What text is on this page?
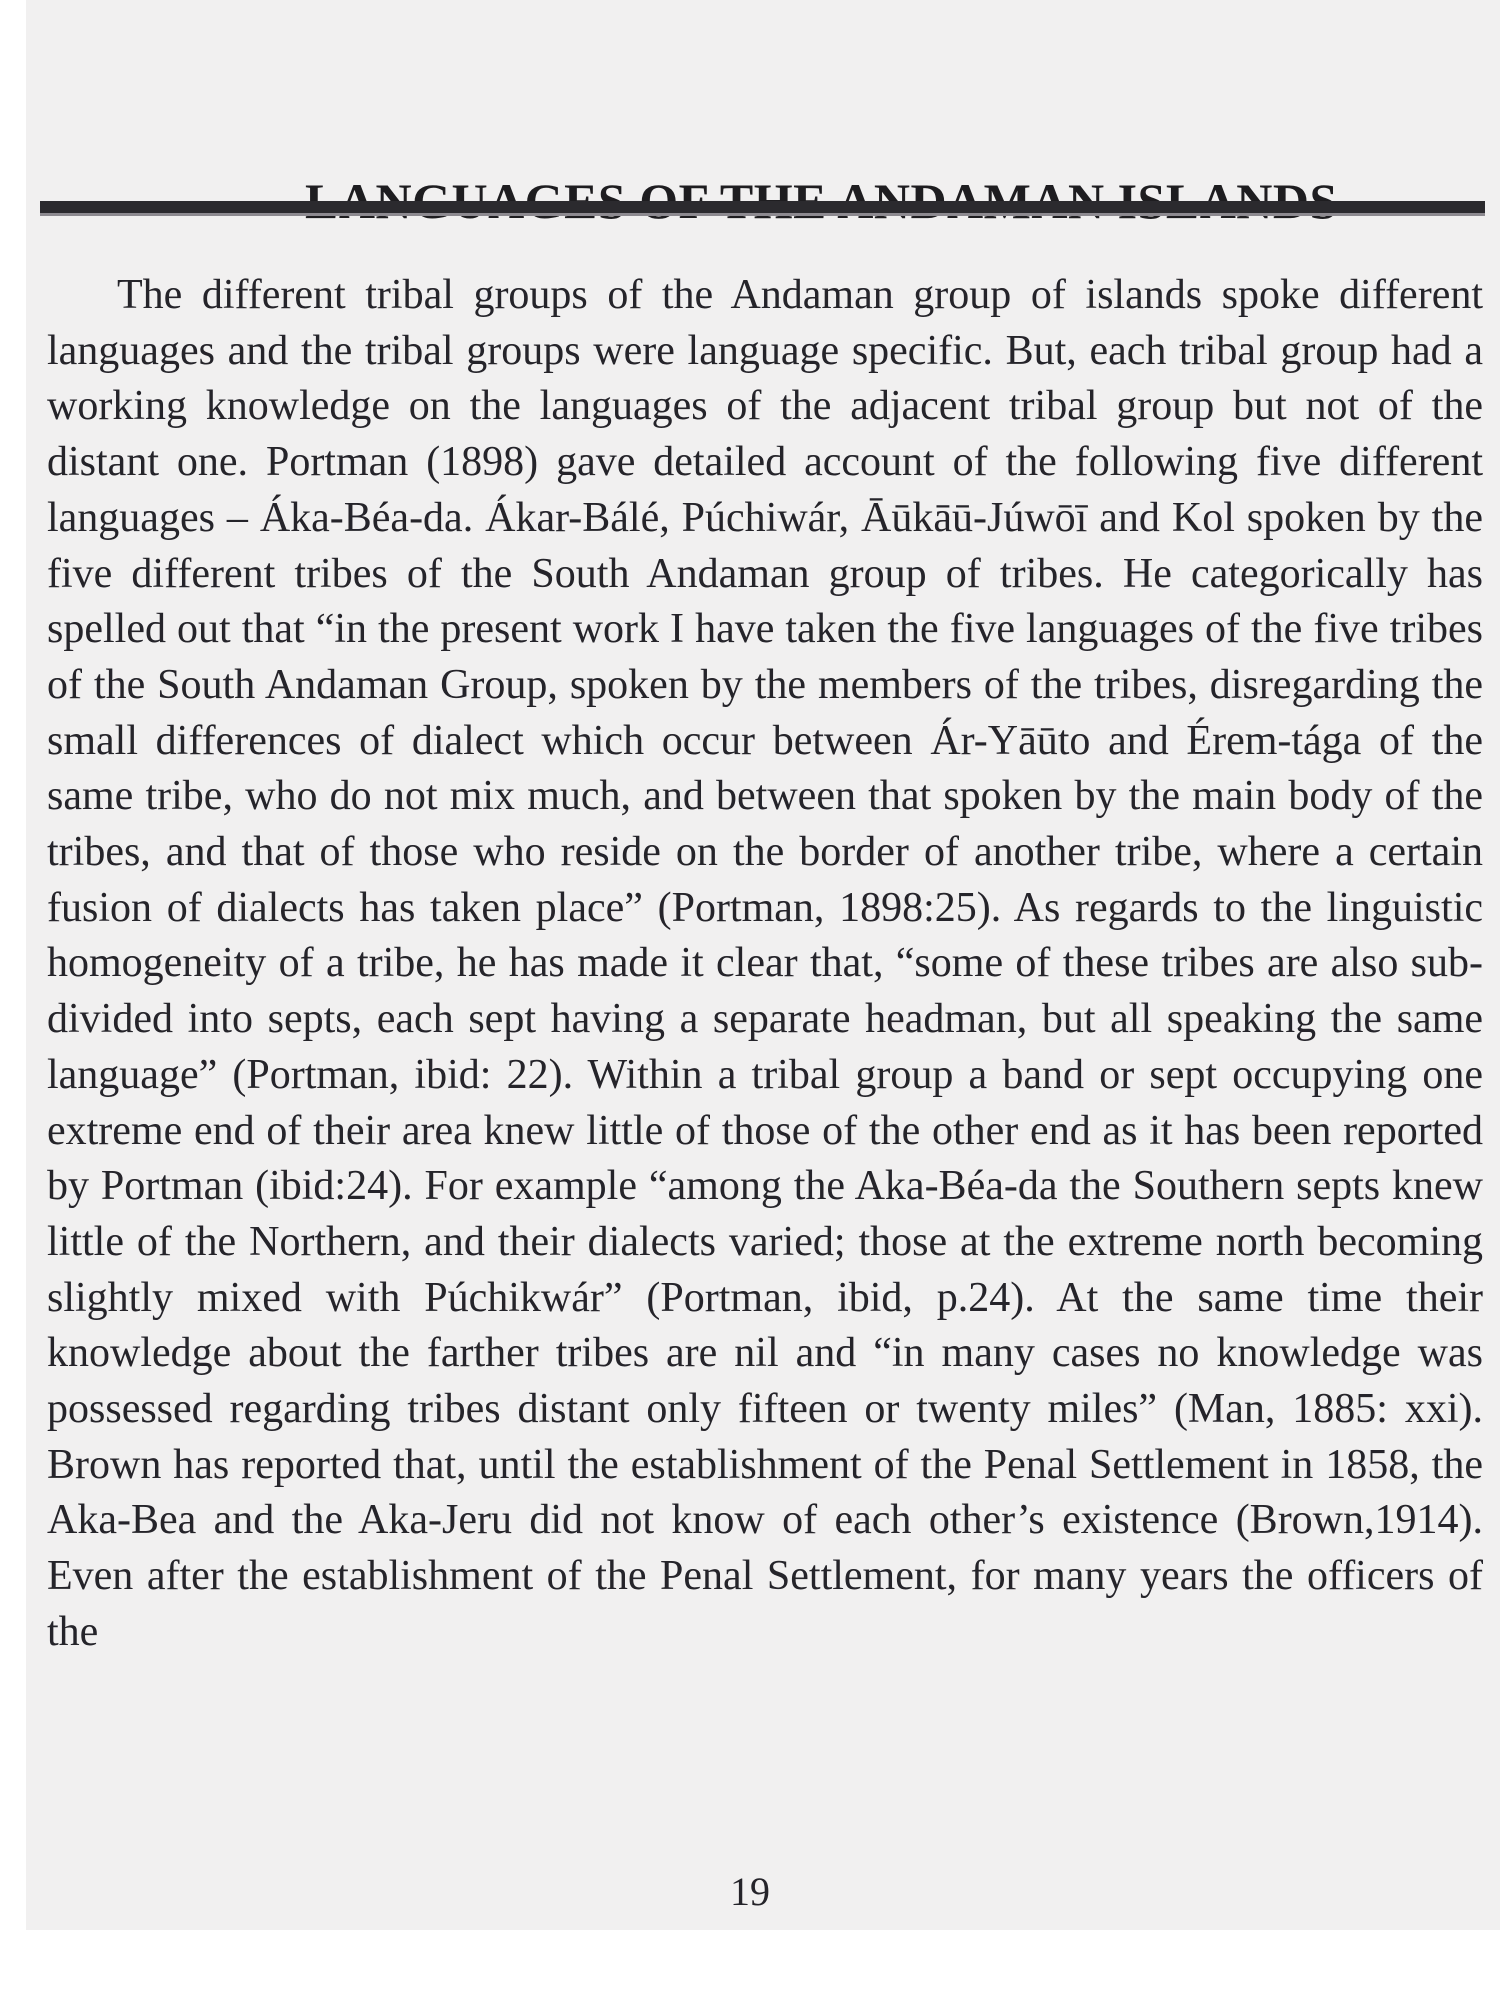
The different tribal groups of the Andaman group of islands spoke different languages and the tribal groups were language specific. But, each tribal group had a working knowledge on the languages of the adjacent tribal group but not of the distant one. Portman (1898) gave detailed account of the following five different languages – Áka-Béa-da. Ákar-Bálé, Púchiwár, Āūkāū-Júwōī and Kol spoken by the five different tribes of the South Andaman group of tribes. He categorically has spelled out that “in the present work I have taken the five languages of the five tribes of the South Andaman Group, spoken by the members of the tribes, disregarding the small differences of dialect which occur between Ár-Yāūto and Érem-tága of the same tribe, who do not mix much, and between that spoken by the main body of the tribes, and that of those who reside on the border of another tribe, where a certain fusion of dialects has taken place” (Portman, 1898:25). As regards to the linguistic homogeneity of a tribe, he has made it clear that, “some of these tribes are also sub-divided into septs, each sept having a separate headman, but all speaking the same language” (Portman, ibid: 22). Within a tribal group a band or sept occupying one extreme end of their area knew little of those of the other end as it has been reported by Portman (ibid:24). For example “among the Aka-Béa-da the Southern septs knew little of the Northern, and their dialects varied; those at the extreme north becoming slightly mixed with Púchikwár” (Portman, ibid, p.24). At the same time their knowledge about the farther tribes are nil and “in many cases no knowledge was possessed regarding tribes distant only fifteen or twenty miles” (Man, 1885: xxi). Brown has reported that, until the establishment of the Penal Settlement in 1858, the Aka-Bea and the Aka-Jeru did not know of each other’s existence (Brown,1914). Even after the establishment of the Penal Settlement, for many years the officers of the

19
